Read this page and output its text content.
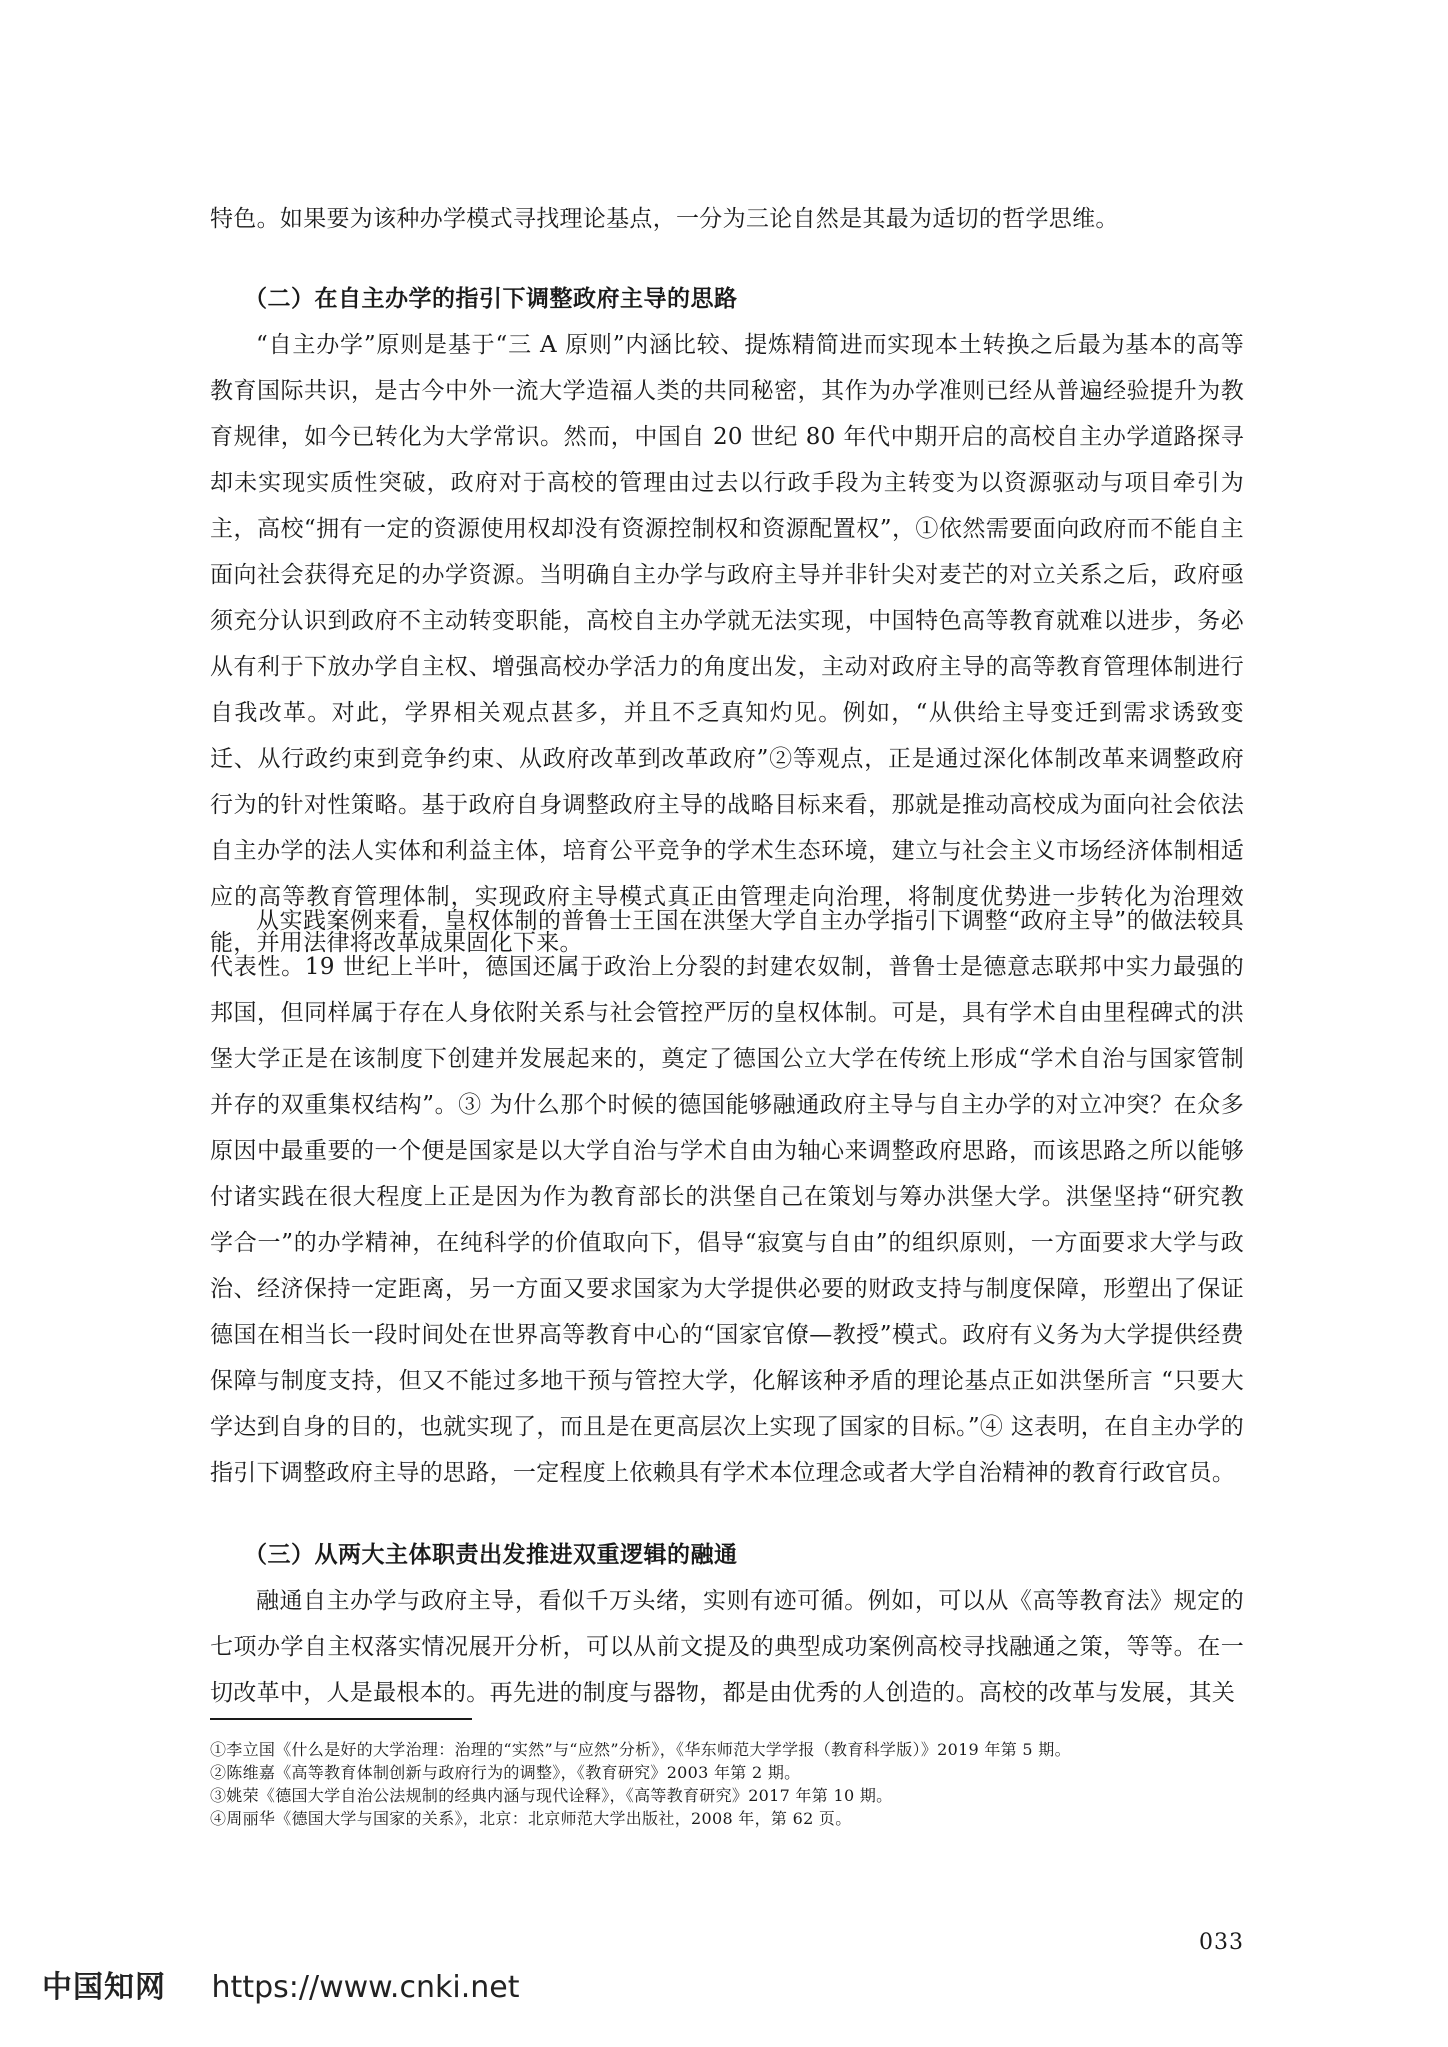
特色。如果要为该种办学模式寻找理论基点，一分为三论自然是其最为适切的哲学思维。

（二）在自主办学的指引下调整政府主导的思路

“自主办学”原则是基于“三 A 原则”内涵比较、提炼精简进而实现本土转换之后最为基本的高等教育国际共识，是古今中外一流大学造福人类的共同秘密，其作为办学准则已经从普遍经验提升为教育规律，如今已转化为大学常识。然而，中国自 20 世纪 80 年代中期开启的高校自主办学道路探寻却未实现实质性突破，政府对于高校的管理由过去以行政手段为主转变为以资源驱动与项目牵引为主，高校“拥有一定的资源使用权却没有资源控制权和资源配置权”，①依然需要面向政府而不能自主面向社会获得充足的办学资源。当明确自主办学与政府主导并非针尖对麦芒的对立关系之后，政府亟须充分认识到政府不主动转变职能，高校自主办学就无法实现，中国特色高等教育就难以进步，务必从有利于下放办学自主权、增强高校办学活力的角度出发，主动对政府主导的高等教育管理体制进行自我改革。对此，学界相关观点甚多，并且不乏真知灼见。例如，“从供给主导变迁到需求诱致变迁、从行政约束到竞争约束、从政府改革到改革政府”②等观点，正是通过深化体制改革来调整政府行为的针对性策略。基于政府自身调整政府主导的战略目标来看，那就是推动高校成为面向社会依法自主办学的法人实体和利益主体，培育公平竞争的学术生态环境，建立与社会主义市场经济体制相适应的高等教育管理体制，实现政府主导模式真正由管理走向治理，将制度优势进一步转化为治理效能，并用法律将改革成果固化下来。

从实践案例来看，皇权体制的普鲁士王国在洪堡大学自主办学指引下调整“政府主导”的做法较具代表性。19 世纪上半叶，德国还属于政治上分裂的封建农奴制，普鲁士是德意志联邦中实力最强的邦国，但同样属于存在人身依附关系与社会管控严厉的皇权体制。可是，具有学术自由里程碑式的洪堡大学正是在该制度下创建并发展起来的，奠定了德国公立大学在传统上形成“学术自治与国家管制并存的双重集权结构”。③ 为什么那个时候的德国能够融通政府主导与自主办学的对立冲突？在众多原因中最重要的一个便是国家是以大学自治与学术自由为轴心来调整政府思路，而该思路之所以能够付诸实践在很大程度上正是因为作为教育部长的洪堡自己在策划与筹办洪堡大学。洪堡坚持“研究教学合一”的办学精神，在纯科学的价值取向下，倡导“寂寞与自由”的组织原则，一方面要求大学与政治、经济保持一定距离，另一方面又要求国家为大学提供必要的财政支持与制度保障，形塑出了保证德国在相当长一段时间处在世界高等教育中心的“国家官僚—教授”模式。政府有义务为大学提供经费保障与制度支持，但又不能过多地干预与管控大学，化解该种矛盾的理论基点正如洪堡所言 “只要大学达到自身的目的，也就实现了，而且是在更高层次上实现了国家的目标。”④ 这表明，在自主办学的指引下调整政府主导的思路，一定程度上依赖具有学术本位理念或者大学自治精神的教育行政官员。

（三）从两大主体职责出发推进双重逻辑的融通

融通自主办学与政府主导，看似千万头绪，实则有迹可循。例如，可以从《高等教育法》规定的七项办学自主权落实情况展开分析，可以从前文提及的典型成功案例高校寻找融通之策，等等。在一切改革中，人是最根本的。再先进的制度与器物，都是由优秀的人创造的。高校的改革与发展，其关

①李立国《什么是好的大学治理：治理的“实然”与“应然”分析》，《华东师范大学学报（教育科学版）》2019 年第 5 期。
②陈维嘉《高等教育体制创新与政府行为的调整》，《教育研究》2003 年第 2 期。
③姚荣《德国大学自治公法规制的经典内涵与现代诠释》，《高等教育研究》2017 年第 10 期。
④周丽华《德国大学与国家的关系》，北京：北京师范大学出版社，2008 年，第 62 页。
033
中国知网 https://www.cnki.net
